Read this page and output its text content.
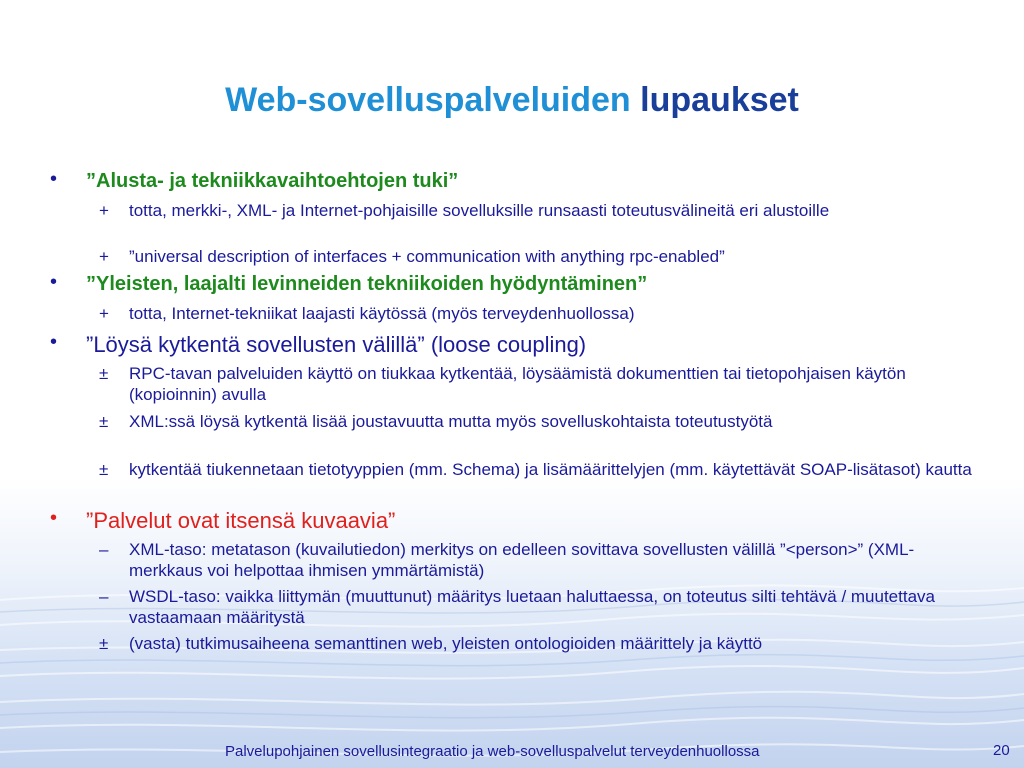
Web-sovelluspalveluiden lupaukset
• ”Alusta- ja tekniikkavaihtoehtojen tuki”
+ totta, merkki-, XML- ja Internet-pohjaisille sovelluksille runsaasti toteutusvälineitä eri alustoille
+ ”universal description of interfaces + communication with anything rpc-enabled”
• ”Yleisten, laajalti levinneiden tekniikoiden hyödyntäminen”
+ totta, Internet-tekniikat laajasti käytössä (myös terveydenhuollossa)
• ”Löysä kytkentä sovellusten välillä” (loose coupling)
± RPC-tavan palveluiden käyttö on tiukkaa kytkentää, löysäämistä dokumenttien tai tietopohjaisen käytön (kopioinnin) avulla
± XML:ssä löysä kytkentä lisää joustavuutta mutta myös sovelluskohtaista toteutustyötä
± kytkentää tiukennetaan tietotyyppien (mm. Schema) ja lisämäärittelyjen (mm. käytettävät SOAP-lisätasot) kautta
• ”Palvelut ovat itsensä kuvaavia”
– XML-taso: metatason (kuvailutiedon) merkitys on edelleen sovittava sovellusten välillä ”<person>” (XML-merkkaus voi helpottaa ihmisen ymmärtämistä)
– WSDL-taso: vaikka liittymän (muuttunut) määritys luetaan haluttaessa, on toteutus silti tehtävä / muutettava vastaamaan määritystä
± (vasta) tutkimusaiheena semanttinen web, yleisten ontologioiden määrittely ja käyttö
Palvelupohjainen sovellusintegraatio ja web-sovelluspalvelut terveydenhuollossa	20
